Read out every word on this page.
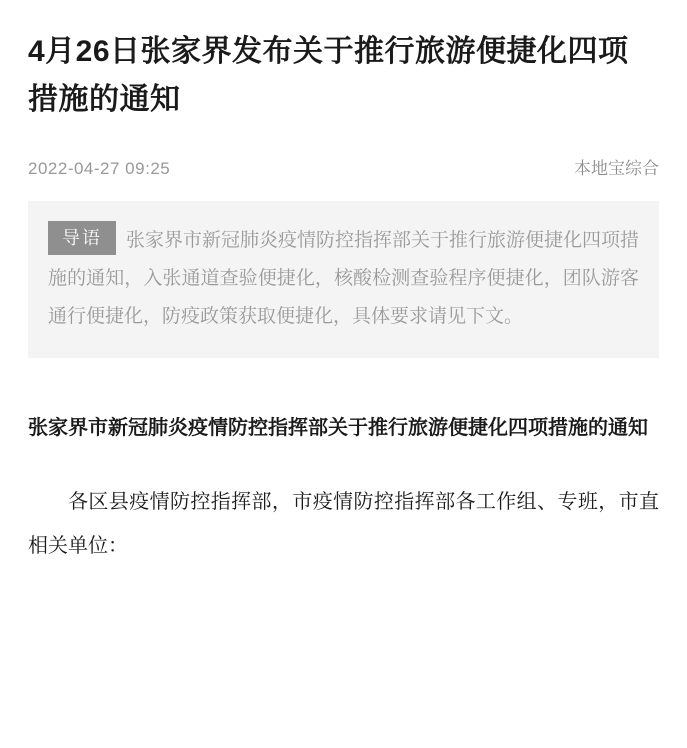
4月26日张家界发布关于推行旅游便捷化四项措施的通知
2022-04-27 09:25	本地宝综合
导语 张家界市新冠肺炎疫情防控指挥部关于推行旅游便捷化四项措施的通知，入张通道查验便捷化，核酸检测查验程序便捷化，团队游客通行便捷化，防疫政策获取便捷化，具体要求请见下文。
张家界市新冠肺炎疫情防控指挥部关于推行旅游便捷化四项措施的通知
各区县疫情防控指挥部，市疫情防控指挥部各工作组、专班，市直相关单位：
